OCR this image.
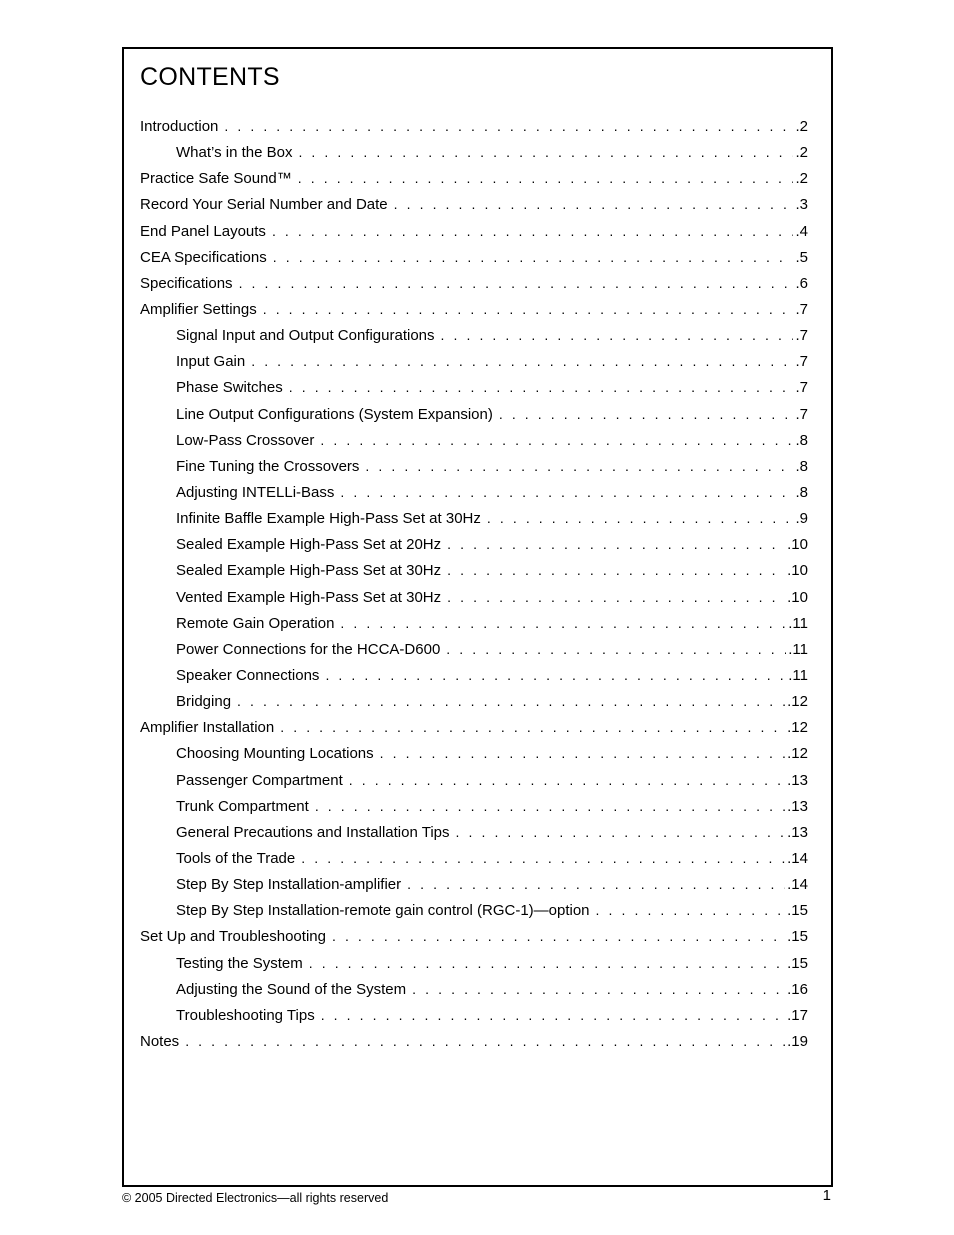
CONTENTS
Introduction . . .	.2
What’s in the Box . . .	.2
Practice Safe Sound™ . . .	.2
Record Your Serial Number and Date . . .	.3
End Panel Layouts . . .	.4
CEA Specifications . . .	.5
Specifications . . .	.6
Amplifier Settings . . .	.7
Signal Input and Output Configurations . . .	.7
Input Gain . . .	.7
Phase Switches . . .	.7
Line Output Configurations (System Expansion) . . .	.7
Low-Pass Crossover . . .	.8
Fine Tuning the Crossovers . . .	.8
Adjusting INTELLi-Bass . . .	.8
Infinite Baffle Example High-Pass Set at 30Hz . . .	.9
Sealed Example High-Pass Set at 20Hz . . .	.10
Sealed Example High-Pass Set at 30Hz . . .	.10
Vented Example High-Pass Set at 30Hz . . .	.10
Remote Gain Operation . . .	.11
Power Connections for the HCCA-D600 . . .	.11
Speaker Connections . . .	.11
Bridging . . .	.12
Amplifier Installation . . .	.12
Choosing Mounting Locations . . .	.12
Passenger Compartment . . .	.13
Trunk Compartment . . .	.13
General Precautions and Installation Tips . . .	.13
Tools of the Trade . . .	.14
Step By Step Installation-amplifier . . .	.14
Step By Step Installation-remote gain control (RGC-1)—option . . .	.15
Set Up and Troubleshooting . . .	.15
Testing the System . . .	.15
Adjusting the Sound of the System . . .	.16
Troubleshooting Tips . . .	.17
Notes . . .	.19
© 2005 Directed Electronics—all rights reserved	1
